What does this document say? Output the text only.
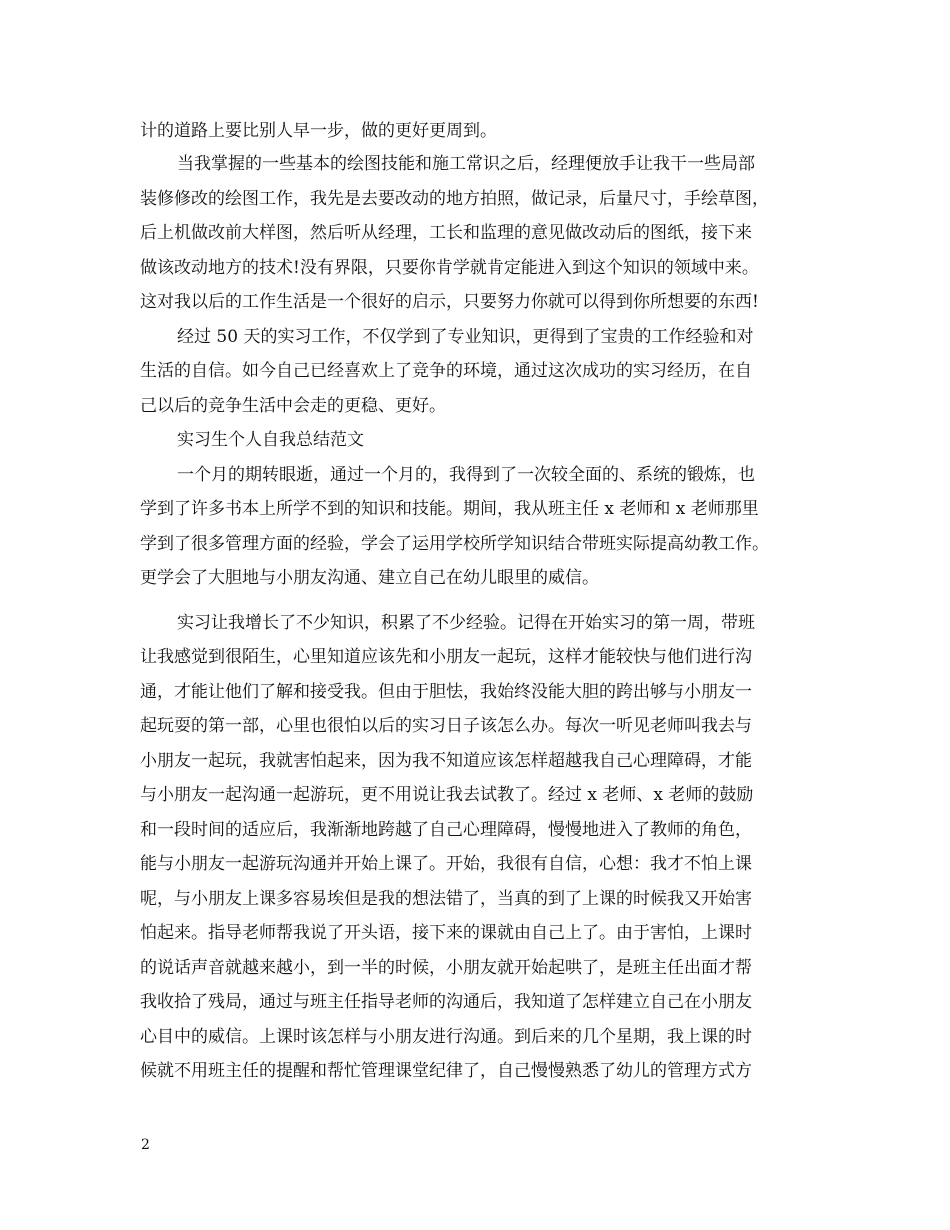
计的道路上要比别人早一步，做的更好更周到。
当我掌握的一些基本的绘图技能和施工常识之后，经理便放手让我干一些局部
装修修改的绘图工作，我先是去要改动的地方拍照，做记录，后量尺寸，手绘草图，
后上机做改前大样图，然后听从经理，工长和监理的意见做改动后的图纸，接下来
做该改动地方的技术!没有界限，只要你肯学就肯定能进入到这个知识的领域中来。
这对我以后的工作生活是一个很好的启示，只要努力你就可以得到你所想要的东西!
经过 50 天的实习工作，不仅学到了专业知识，更得到了宝贵的工作经验和对
生活的自信。如今自己已经喜欢上了竞争的环境，通过这次成功的实习经历，在自
己以后的竞争生活中会走的更稳、更好。
实习生个人自我总结范文
一个月的期转眼逝，通过一个月的，我得到了一次较全面的、系统的锻炼，也
学到了许多书本上所学不到的知识和技能。期间，我从班主任 x 老师和 x 老师那里
学到了很多管理方面的经验，学会了运用学校所学知识结合带班实际提高幼教工作。
更学会了大胆地与小朋友沟通、建立自己在幼儿眼里的威信。
实习让我增长了不少知识，积累了不少经验。记得在开始实习的第一周，带班
让我感觉到很陌生，心里知道应该先和小朋友一起玩，这样才能较快与他们进行沟
通，才能让他们了解和接受我。但由于胆怯，我始终没能大胆的跨出够与小朋友一
起玩耍的第一部，心里也很怕以后的实习日子该怎么办。每次一听见老师叫我去与
小朋友一起玩，我就害怕起来，因为我不知道应该怎样超越我自己心理障碍，才能
与小朋友一起沟通一起游玩，更不用说让我去试教了。经过 x 老师、x 老师的鼓励
和一段时间的适应后，我渐渐地跨越了自己心理障碍，慢慢地进入了教师的角色，
能与小朋友一起游玩沟通并开始上课了。开始，我很有自信，心想：我才不怕上课
呢，与小朋友上课多容易埃但是我的想法错了，当真的到了上课的时候我又开始害
怕起来。指导老师帮我说了开头语，接下来的课就由自己上了。由于害怕，上课时
的说话声音就越来越小，到一半的时候，小朋友就开始起哄了，是班主任出面才帮
我收拾了残局，通过与班主任指导老师的沟通后，我知道了怎样建立自己在小朋友
心目中的威信。上课时该怎样与小朋友进行沟通。到后来的几个星期，我上课的时
候就不用班主任的提醒和帮忙管理课堂纪律了，自己慢慢熟悉了幼儿的管理方式方
2
